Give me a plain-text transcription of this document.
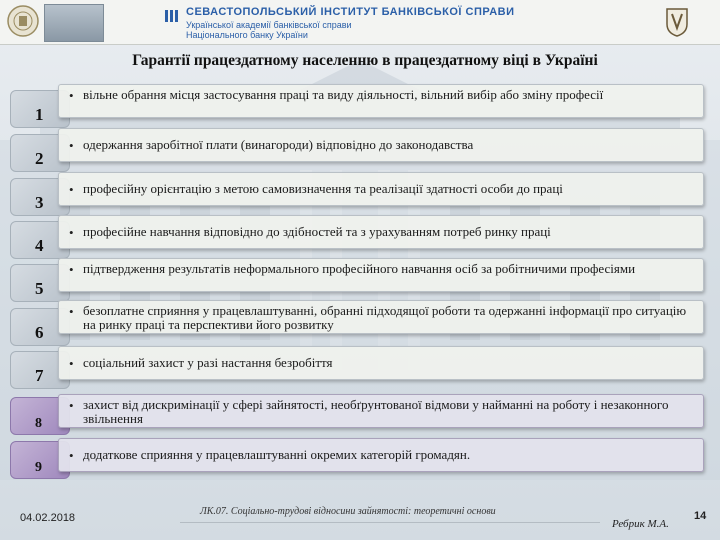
СЕВАСТОПОЛЬСЬКИЙ ІНСТИТУТ БАНКІВСЬКОЇ СПРАВИ
Української академії банківської справи
Національного банку України
Гарантії працездатному населенню в працездатному віці в Україні
1
• вільне обрання місця застосування праці та виду діяльності, вільний вибір або зміну професії
2
• одержання заробітної плати (винагороди) відповідно до законодавства
3
• професійну орієнтацію з метою самовизначення та реалізації здатності особи до праці
4
• професійне навчання відповідно до здібностей та з урахуванням потреб ринку праці
5
• підтвердження результатів неформального професійного навчання осіб за робітничими професіями
6
• безоплатне сприяння у працевлаштуванні, обранні підходящої роботи та одержанні інформації про ситуацію на ринку праці та перспективи його розвитку
7
• соціальний захист у разі настання безробіття
8
• захист від дискримінації у сфері зайнятості, необґрунтованої відмови у найманні на роботу і незаконного звільнення
9
• додаткове сприяння у працевлаштуванні окремих категорій громадян.
04.02.2018
ЛК.07. Соціально-трудові відносини зайнятості: теоретичні основи
Ребрик М.А.
14
